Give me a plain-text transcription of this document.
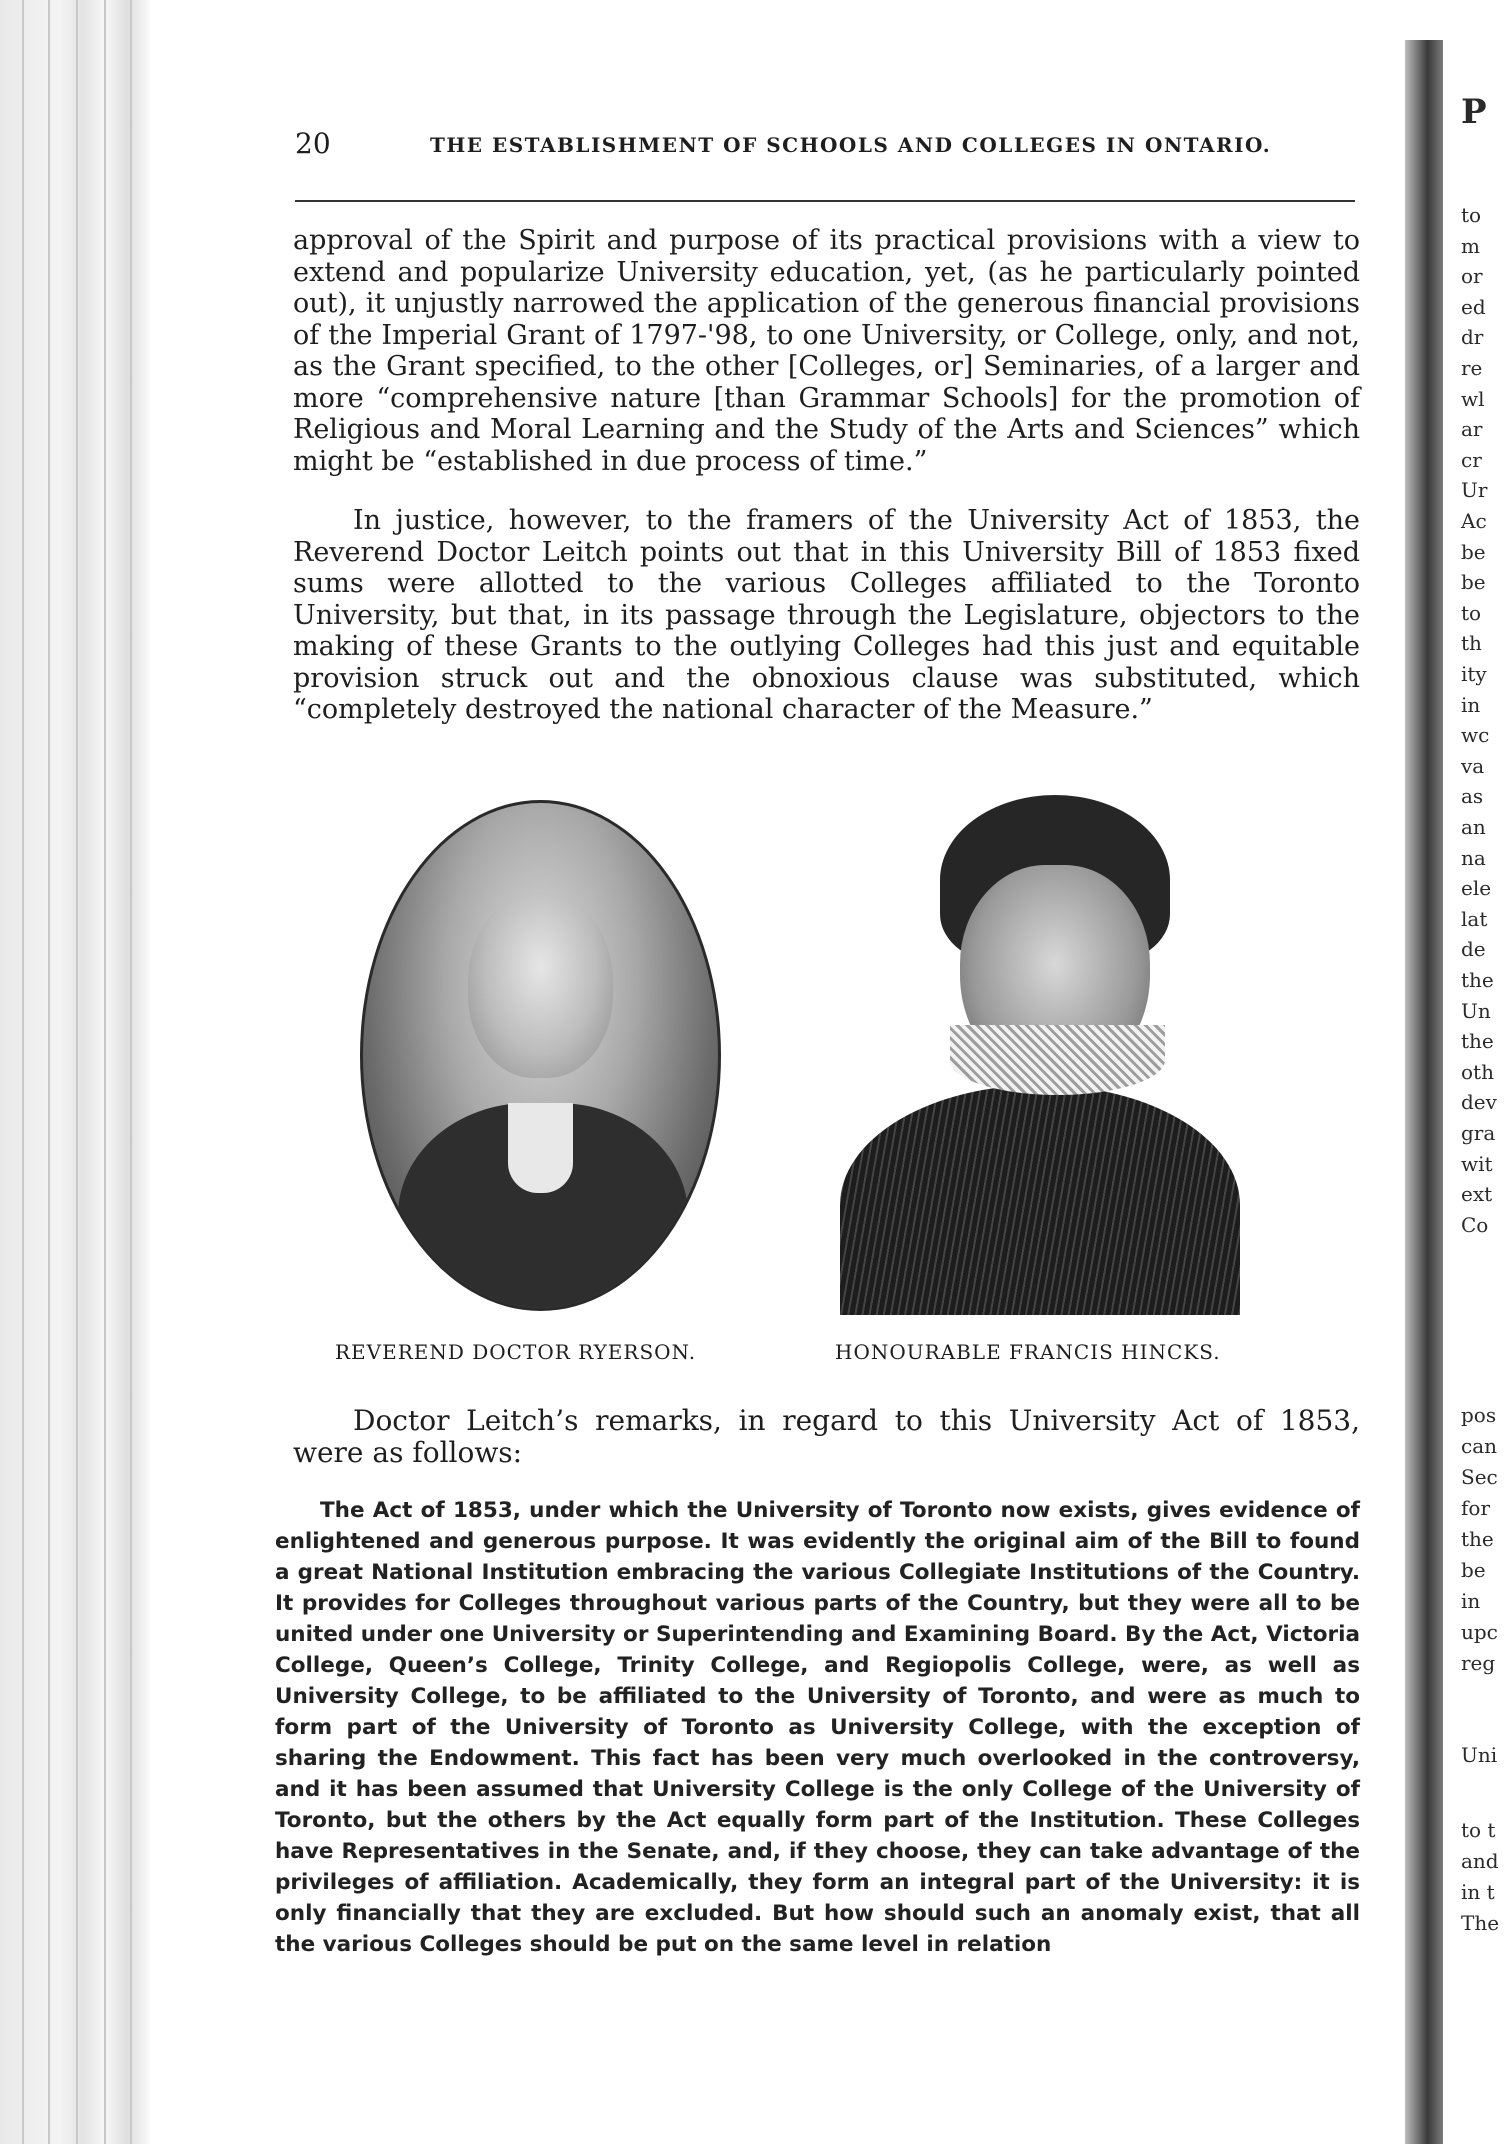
20	THE ESTABLISHMENT OF SCHOOLS AND COLLEGES IN ONTARIO.

approval of the Spirit and purpose of its practical provisions with a view to extend and popularize University education, yet, (as he particularly pointed out), it unjustly narrowed the application of the generous financial provisions of the Imperial Grant of 1797-'98, to one University, or College, only, and not, as the Grant specified, to the other [Colleges, or] Seminaries, of a larger and more “comprehensive nature [than Grammar Schools] for the promotion of Religious and Moral Learning and the Study of the Arts and Sciences” which might be “established in due process of time.”

In justice, however, to the framers of the University Act of 1853, the Reverend Doctor Leitch points out that in this University Bill of 1853 fixed sums were allotted to the various Colleges affiliated to the Toronto University, but that, in its passage through the Legislature, objectors to the making of these Grants to the outlying Colleges had this just and equitable provision struck out and the obnoxious clause was substituted, which “completely destroyed the national character of the Measure.”

REVEREND DOCTOR RYERSON.	HONOURABLE FRANCIS HINCKS.

Doctor Leitch’s remarks, in regard to this University Act of 1853, were as follows:

The Act of 1853, under which the University of Toronto now exists, gives evidence of enlightened and generous purpose. It was evidently the original aim of the Bill to found a great National Institution embracing the various Collegiate Institutions of the Country. It provides for Colleges throughout various parts of the Country, but they were all to be united under one University or Superintending and Examining Board. By the Act, Victoria College, Queen’s College, Trinity College, and Regiopolis College, were, as well as University College, to be affiliated to the University of Toronto, and were as much to form part of the University of Toronto as University College, with the exception of sharing the Endowment. This fact has been very much overlooked in the controversy, and it has been assumed that University College is the only College of the University of Toronto, but the others by the Act equally form part of the Institution. These Colleges have Representatives in the Senate, and, if they choose, they can take advantage of the privileges of affiliation. Academically, they form an integral part of the University: it is only financially that they are excluded. But how should such an anomaly exist, that all the various Colleges should be put on the same level in relation

P
to
m
or
ed
dr
re
wl
ar
cr
Ur
Ac
be
be
to
th
ity
in
wc
va
as
an
na
ele
lat
de
the
Un
the
oth
dev
gra
wit
ext
Co
pos
can
Sec
for
the
be
in
upc
reg
Uni
to t
and
in t
The
